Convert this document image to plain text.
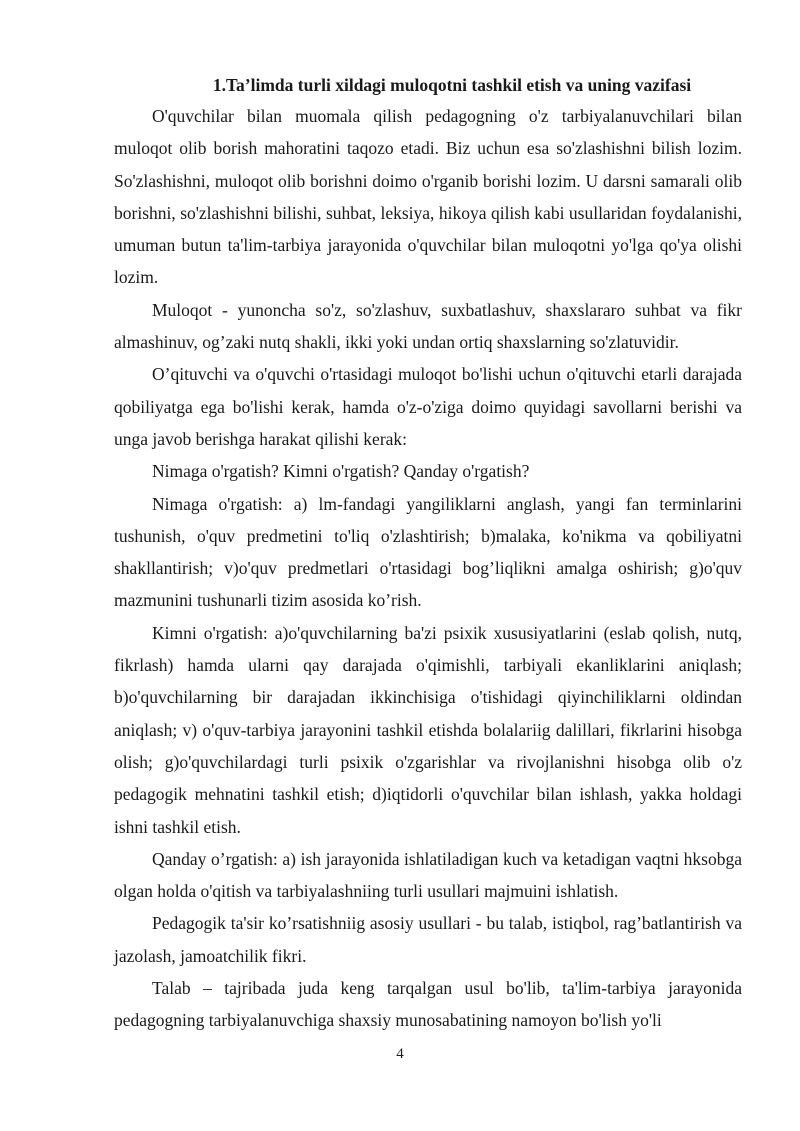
1.Ta’limda turli xildagi muloqotni tashkil etish va uning vazifasi

O'quvchilar bilan muomala qilish pedagogning o'z tarbiyalanuvchilari bilan muloqot olib borish mahoratini taqozo etadi. Biz uchun esa so'zlashishni bilish lozim. So'zlashishni, muloqot olib borishni doimo o'rganib borishi lozim. U darsni samarali olib borishni, so'zlashishni bilishi, suhbat, leksiya, hikoya qilish kabi usullaridan foydalanishi, umuman butun ta'lim-tarbiya jarayonida o'quvchilar bilan muloqotni yo'lga qo'ya olishi lozim.

Muloqot - yunoncha so'z, so'zlashuv, suxbatlashuv, shaxslararo suhbat va fikr almashinuv, og’zaki nutq shakli, ikki yoki undan ortiq shaxslarning so'zlatuvidir.

O’qituvchi va o'quvchi o'rtasidagi muloqot bo'lishi uchun o'qituvchi etarli darajada qobiliyatga ega bo'lishi kerak, hamda o'z-o'ziga doimo quyidagi savollarni berishi va unga javob berishga harakat qilishi kerak:

Nimaga o'rgatish? Kimni o'rgatish? Qanday o'rgatish?

Nimaga o'rgatish: a) lm-fandagi yangiliklarni anglash, yangi fan terminlarini tushunish, o'quv predmetini to'liq o'zlashtirish; b)malaka, ko'nikma va qobiliyatni shakllantirish; v)o'quv predmetlari o'rtasidagi bog’liqlikni amalga oshirish; g)o'quv mazmunini tushunarli tizim asosida ko’rish.

Kimni o'rgatish: a)o'quvchilarning ba'zi psixik xususiyatlarini (eslab qolish, nutq, fikrlash) hamda ularni qay darajada o'qimishli, tarbiyali ekanliklarini aniqlash; b)o'quvchilarning bir darajadan ikkinchisiga o'tishidagi qiyinchiliklarni oldindan aniqlash; v) o'quv-tarbiya jarayonini tashkil etishda bolalariig dalillari, fikrlarini hisobga olish; g)o'quvchilardagi turli psixik o'zgarishlar va rivojlanishni hisobga olib o'z pedagogik mehnatini tashkil etish; d)iqtidorli o'quvchilar bilan ishlash, yakka holdagi ishni tashkil etish.

Qanday o’rgatish: a) ish jarayonida ishlatiladigan kuch va ketadigan vaqtni hksobga olgan holda o'qitish va tarbiyalashniing turli usullari majmuini ishlatish.

Pedagogik ta'sir ko’rsatishniig asosiy usullari - bu talab, istiqbol, rag’batlantirish va jazolash, jamoatchilik fikri.

Talab – tajribada juda keng tarqalgan usul bo'lib, ta'lim-tarbiya jarayonida pedagogning tarbiyalanuvchiga shaxsiy munosabatining namoyon bo'lish yo'li

4
